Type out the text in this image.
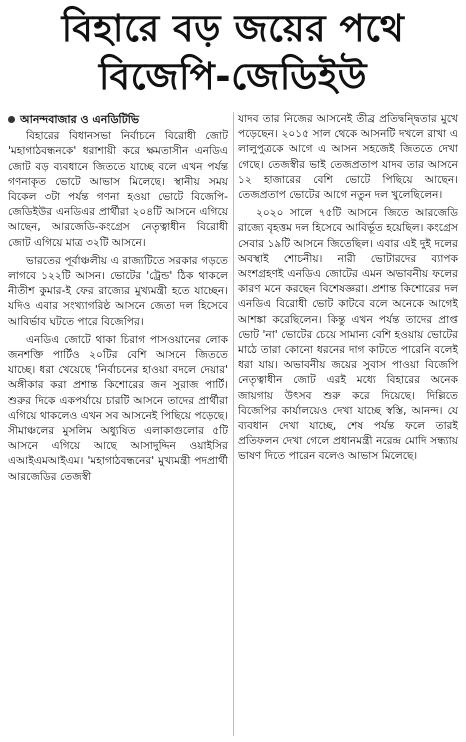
বিহারে বড় জয়ের পথে
বিজেপি-জেডিইউ
আনন্দবাজার ও এনডিটিভি

বিহারের বিধানসভা নির্বাচনে বিরোধী জোট 'মহাগাঠবন্ধনকে' ধরাশায়ী করে ক্ষমতাসীন এনডিএ জোট বড় ব্যবধানে জিততে যাচ্ছে বলে এখন পর্যন্ত গণনাকৃত ভোটে আভাস মিলেছে। স্থানীয় সময় বিকেল ৩টা পর্যন্ত গণনা হওয়া ভোটে বিজেপি-জেডিইউর এনডিএর প্রার্থীরা ২০৪টি আসনে এগিয়ে আছেন, আরজেডি-কংগ্রেস নেতৃত্বাধীন বিরোধী জোট এগিয়ে মাত্র ৩২টি আসনে।

ভারতের পূর্বাঞ্চলীয় এ রাজ্যটিতে সরকার গড়তে লাগবে ১২২টি আসন। ভোটের 'ট্রেন্ড' ঠিক থাকলে নীতীশ কুমার-ই ফের রাজ্যের মুখ্যমন্ত্রী হতে যাচ্ছেন। যদিও এবার সংখ্যাগরিষ্ঠ আসনে জেতা দল হিসেবে আবির্ভাব ঘটতে পারে বিজেপির।

এনডিএ জোটে থাকা চিরাগ পাসওয়ানের লোক জনশক্তি পার্টিও ২০টির বেশি আসনে জিততে যাচ্ছে। ধরা খেয়েছে 'নির্বাচনের হাওয়া বদলে দেয়ার' অঙ্গীকার করা প্রশান্ত কিশোরের জন সুরাজ পার্টি। শুরুর দিকে একপর্যায়ে চারটি আসনে তাদের প্রার্থীরা এগিয়ে থাকলেও এখন সব আসনেই পিছিয়ে পড়েছে। সীমাঞ্চলের মুসলিম অধ্যুষিত এলাকাগুলোর ৫টি আসনে এগিয়ে আছে আসাদুদ্দিন ওয়াইসির এআইএমআইএম। 'মহাগাঠবন্ধনের' মুখ্যমন্ত্রী পদপ্রার্থী আরজেডির তেজস্বী

যাদব তার নিজের আসনেই তীব্র প্রতিদ্বন্দ্বিতার মুখে পড়েছেন। ২০১৫ সাল থেকে আসনটি দখলে রাখা এ লালুপুত্রকে আগে এ আসন সহজেই জিততে দেখা গেছে। তেজস্বীর ভাই তেজপ্রতাপ যাদব তার আসনে ১২ হাজারের বেশি ভোটে পিছিয়ে আছেন। তেজপ্রতাপ ভোটের আগে নতুন দল খুলেছিলেন।

২০২০ সালে ৭৫টি আসনে জিতে আরজেডি রাজ্যে বৃহত্তম দল হিসেবে আবির্ভূত হয়েছিল। কংগ্রেস সেবার ১৯টি আসনে জিতেছিল। এবার এই দুই দলের অবস্থাই শোচনীয়। নারী ভোটারদের ব্যাপক অংশগ্রহণই এনডিএ জোটের এমন অভাবনীয় ফলের কারণ মনে করছেন বিশেষজ্ঞরা। প্রশান্ত কিশোরের দল এনডিএ বিরোধী ভোট কাটবে বলে অনেকে আগেই আশঙ্কা করেছিলেন। কিন্তু এখন পর্যন্ত তাদের প্রাপ্ত ভোট 'না' ভোটের চেয়ে সামান্য বেশি হওয়ায় ভোটের মাঠে তারা কোনো ধরনের দাগ কাটতে পারেনি বলেই ধরা যায়। অভাবনীয় জয়ের সুবাস পাওয়া বিজেপি নেতৃত্বাধীন জোট এরই মধ্যে বিহারের অনেক জায়গায় উৎসব শুরু করে দিয়েছে। দিল্লিতে বিজেপির কার্যালয়েও দেখা যাচ্ছে স্বস্তি, আনন্দ। যে ব্যবধান দেখা যাচ্ছে, শেষ পর্যন্ত ফলে তারই প্রতিফলন দেখা গেলে প্রধানমন্ত্রী নরেন্দ্র মোদি সন্ধ্যায় ভাষণ দিতে পারেন বলেও আভাস মিলেছে।
